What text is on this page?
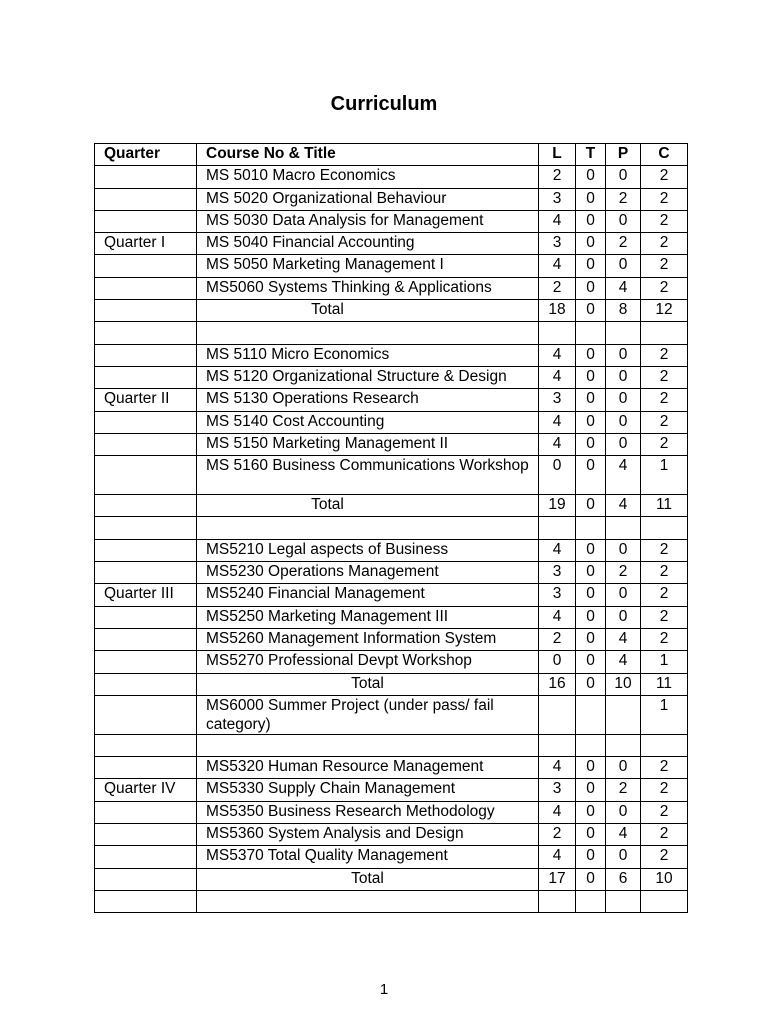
Curriculum
Quarter	Course No & Title	L	T	P	C
	MS 5010 Macro Economics	2	0	0	2
	MS 5020 Organizational Behaviour	3	0	2	2
	MS 5030 Data Analysis for Management	4	0	0	2
Quarter I	MS 5040 Financial Accounting	3	0	2	2
	MS 5050 Marketing Management I	4	0	0	2
	MS5060 Systems Thinking & Applications	2	0	4	2
	Total	18	0	8	12

	MS 5110 Micro Economics	4	0	0	2
	MS 5120 Organizational Structure & Design	4	0	0	2
Quarter II	MS 5130 Operations Research	3	0	0	2
	MS 5140 Cost Accounting	4	0	0	2
	MS 5150 Marketing Management II	4	0	0	2
	MS 5160 Business Communications Workshop	0	0	4	1
	Total	19	0	4	11

	MS5210 Legal aspects of Business	4	0	0	2
	MS5230 Operations Management	3	0	2	2
Quarter III	MS5240 Financial Management	3	0	0	2
	MS5250 Marketing Management III	4	0	0	2
	MS5260 Management Information System	2	0	4	2
	MS5270 Professional Devpt Workshop	0	0	4	1
	Total	16	0	10	11
	MS6000 Summer Project (under pass/ fail category)				1

	MS5320 Human Resource Management	4	0	0	2
Quarter IV	MS5330 Supply Chain Management	3	0	2	2
	MS5350 Business Research Methodology	4	0	0	2
	MS5360 System Analysis and Design	2	0	4	2
	MS5370 Total Quality Management	4	0	0	2
	Total	17	0	6	10

1
